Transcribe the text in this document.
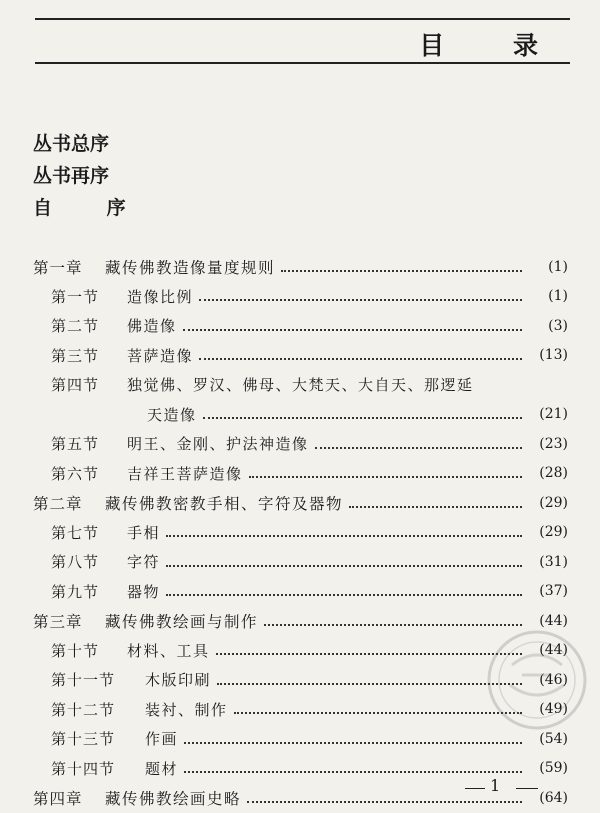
目 录
丛书总序
丛书再序
自 序
第一章	藏传佛教造像量度规则	(1)
第一节	造像比例	(1)
第二节	佛造像	(3)
第三节	菩萨造像	(13)
第四节	独觉佛、罗汉、佛母、大梵天、大自天、那逻延
天造像	(21)
第五节	明王、金刚、护法神造像	(23)
第六节	吉祥王菩萨造像	(28)
第二章	藏传佛教密教手相、字符及器物	(29)
第七节	手相	(29)
第八节	字符	(31)
第九节	器物	(37)
第三章	藏传佛教绘画与制作	(44)
第十节	材料、工具	(44)
第十一节	木版印刷	(46)
第十二节	装衬、制作	(49)
第十三节	作画	(54)
第十四节	题材	(59)
第四章	藏传佛教绘画史略	(64)
1
